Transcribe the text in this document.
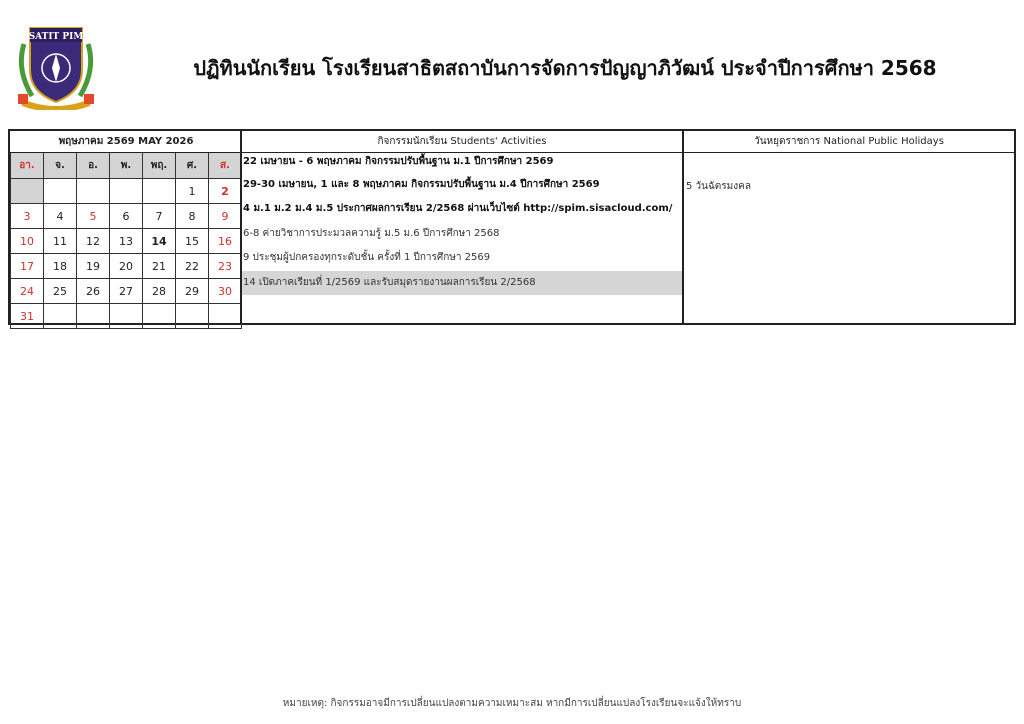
SATIT PIM
ปฏิทินนักเรียน โรงเรียนสาธิตสถาบันการจัดการปัญญาภิวัฒน์ ประจำปีการศึกษา 2568
พฤษภาคม 2569 MAY 2026						
อา.	จ.	อ.	พ.	พฤ.	ศ.	ส.
					1	2
3	4	5	6	7	8	9
10	11	12	13	14	15	16
17	18	19	20	21	22	23
24	25	26	27	28	29	30
31						
กิจกรรมนักเรียน Students' Activities
22 เมษายน - 6 พฤษภาคม กิจกรรมปรับพื้นฐาน ม.1 ปีการศึกษา 2569
29-30 เมษายน, 1 และ 8 พฤษภาคม กิจกรรมปรับพื้นฐาน ม.4 ปีการศึกษา 2569
4 ม.1 ม.2 ม.4 ม.5 ประกาศผลการเรียน 2/2568 ผ่านเว็บไซต์ http://spim.sisacloud.com/
6-8 ค่ายวิชาการประมวลความรู้ ม.5 ม.6 ปีการศึกษา 2568
9 ประชุมผู้ปกครองทุกระดับชั้น ครั้งที่ 1 ปีการศึกษา 2569
14 เปิดภาคเรียนที่ 1/2569 และรับสมุดรายงานผลการเรียน 2/2568
วันหยุดราชการ National Public Holidays
5 วันฉัตรมงคล
หมายเหตุ: กิจกรรมอาจมีการเปลี่ยนแปลงตามความเหมาะสม หากมีการเปลี่ยนแปลงโรงเรียนจะแจ้งให้ทราบ
